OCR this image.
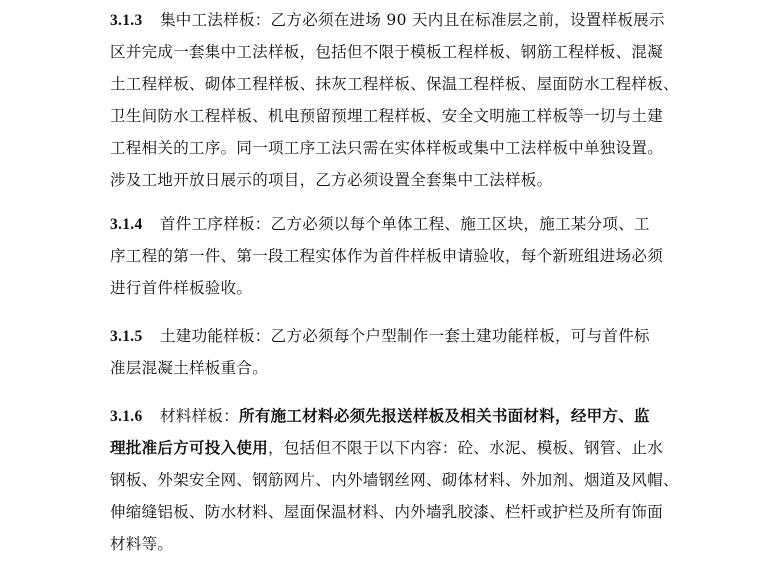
3.1.3 集中工法样板：乙方必须在进场 90 天内且在标准层之前，设置样板展示
区并完成一套集中工法样板，包括但不限于模板工程样板、钢筋工程样板、混凝
土工程样板、砌体工程样板、抹灰工程样板、保温工程样板、屋面防水工程样板、
卫生间防水工程样板、机电预留预埋工程样板、安全文明施工样板等一切与土建
工程相关的工序。同一项工序工法只需在实体样板或集中工法样板中单独设置。
涉及工地开放日展示的项目，乙方必须设置全套集中工法样板。
3.1.4 首件工序样板：乙方必须以每个单体工程、施工区块，施工某分项、工
序工程的第一件、第一段工程实体作为首件样板申请验收，每个新班组进场必须
进行首件样板验收。
3.1.5 土建功能样板：乙方必须每个户型制作一套土建功能样板，可与首件标
准层混凝土样板重合。
3.1.6 材料样板：所有施工材料必须先报送样板及相关书面材料，经甲方、监
理批准后方可投入使用，包括但不限于以下内容：砼、水泥、模板、钢管、止水
钢板、外架安全网、钢筋网片、内外墙钢丝网、砌体材料、外加剂、烟道及风帽、
伸缩缝铝板、防水材料、屋面保温材料、内外墙乳胶漆、栏杆或护栏及所有饰面
材料等。
